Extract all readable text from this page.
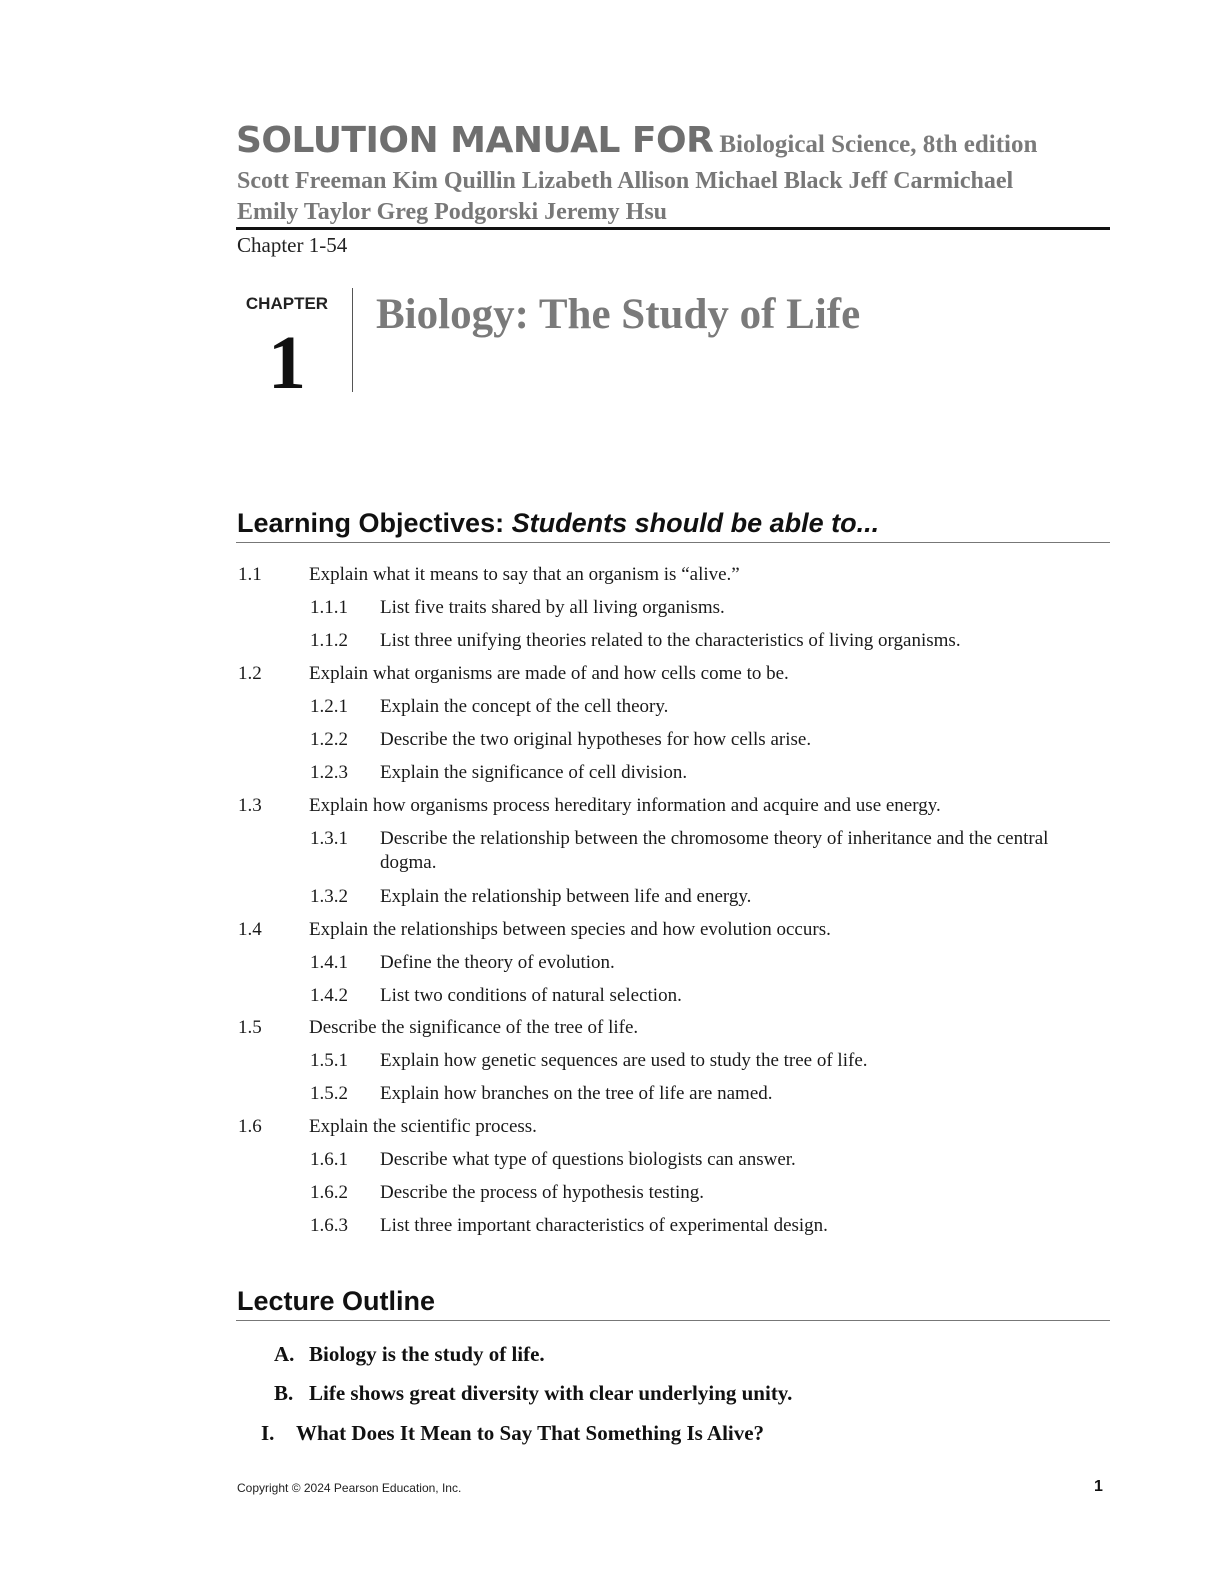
SOLUTION MANUAL FOR Biological Science, 8th edition
Scott Freeman Kim Quillin Lizabeth Allison Michael Black Jeff Carmichael
Emily Taylor Greg Podgorski Jeremy Hsu
Chapter 1-54
CHAPTER
1
Biology: The Study of Life
Learning Objectives: Students should be able to...
1.1 Explain what it means to say that an organism is “alive.”
1.1.1 List five traits shared by all living organisms.
1.1.2 List three unifying theories related to the characteristics of living organisms.
1.2 Explain what organisms are made of and how cells come to be.
1.2.1 Explain the concept of the cell theory.
1.2.2 Describe the two original hypotheses for how cells arise.
1.2.3 Explain the significance of cell division.
1.3 Explain how organisms process hereditary information and acquire and use energy.
1.3.1 Describe the relationship between the chromosome theory of inheritance and the central dogma.
1.3.2 Explain the relationship between life and energy.
1.4 Explain the relationships between species and how evolution occurs.
1.4.1 Define the theory of evolution.
1.4.2 List two conditions of natural selection.
1.5 Describe the significance of the tree of life.
1.5.1 Explain how genetic sequences are used to study the tree of life.
1.5.2 Explain how branches on the tree of life are named.
1.6 Explain the scientific process.
1.6.1 Describe what type of questions biologists can answer.
1.6.2 Describe the process of hypothesis testing.
1.6.3 List three important characteristics of experimental design.
Lecture Outline
A. Biology is the study of life.
B. Life shows great diversity with clear underlying unity.
I. What Does It Mean to Say That Something Is Alive?
Copyright © 2024 Pearson Education, Inc.	1
